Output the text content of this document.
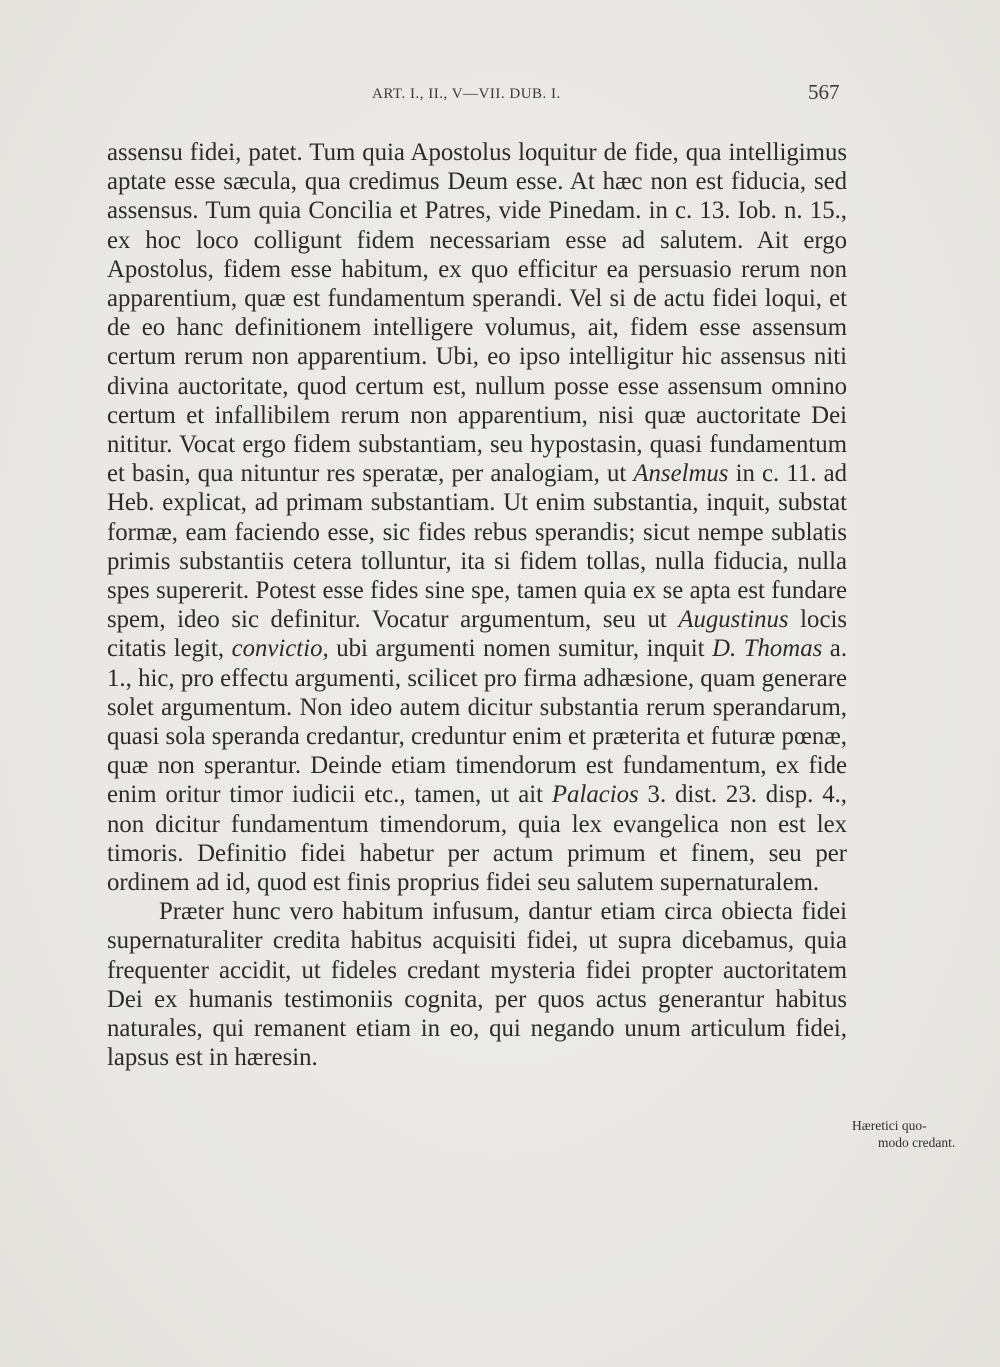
ART. I., II., V—VII. DUB. I.	567

assensu fidei, patet. Tum quia Apostolus loquitur de fide, qua intelligimus aptate esse sæcula, qua credimus Deum esse. At hæc non est fiducia, sed assensus. Tum quia Concilia et Patres, vide Pinedam. in c. 13. Iob. n. 15., ex hoc loco colligunt fidem necessariam esse ad salutem. Ait ergo Apostolus, fidem esse habitum, ex quo efficitur ea persuasio rerum non apparentium, quæ est fundamentum sperandi. Vel si de actu fidei loqui, et de eo hanc definitionem intelligere volumus, ait, fidem esse assensum certum rerum non apparentium. Ubi, eo ipso intelligitur hic assensus niti divina auctoritate, quod certum est, nullum posse esse assensum omnino certum et infallibilem rerum non apparentium, nisi quæ auctoritate Dei nititur. Vocat ergo fidem substantiam, seu hypostasin, quasi fundamentum et basin, qua nituntur res speratæ, per analogiam, ut Anselmus in c. 11. ad Heb. explicat, ad primam substantiam. Ut enim substantia, inquit, substat formæ, eam faciendo esse, sic fides rebus sperandis; sicut nempe sublatis primis substantiis cetera tolluntur, ita si fidem tollas, nulla fiducia, nulla spes supererit. Potest esse fides sine spe, tamen quia ex se apta est fundare spem, ideo sic definitur. Vocatur argumentum, seu ut Augustinus locis citatis legit, convictio, ubi argumenti nomen sumitur, inquit D. Thomas a. 1., hic, pro effectu argumenti, scilicet pro firma adhæsione, quam generare solet argumentum. Non ideo autem dicitur substantia rerum sperandarum, quasi sola speranda credantur, creduntur enim et præterita et futuræ pœnæ, quæ non sperantur. Deinde etiam timendorum est fundamentum, ex fide enim oritur timor iudicii etc., tamen, ut ait Palacios 3. dist. 23. disp. 4., non dicitur fundamentum timendorum, quia lex evangelica non est lex timoris. Definitio fidei habetur per actum primum et finem, seu per ordinem ad id, quod est finis proprius fidei seu salutem supernaturalem.

Præter hunc vero habitum infusum, dantur etiam circa obiecta fidei supernaturaliter credita habitus acquisiti fidei, ut supra dicebamus, quia frequenter accidit, ut fideles credant mysteria fidei propter auctoritatem Dei ex humanis testimoniis cognita, per quos actus generantur habitus naturales, qui remanent etiam in eo, qui negando unum articulum fidei, lapsus est in hæresin.

Hæretici quo-
modo credant.
